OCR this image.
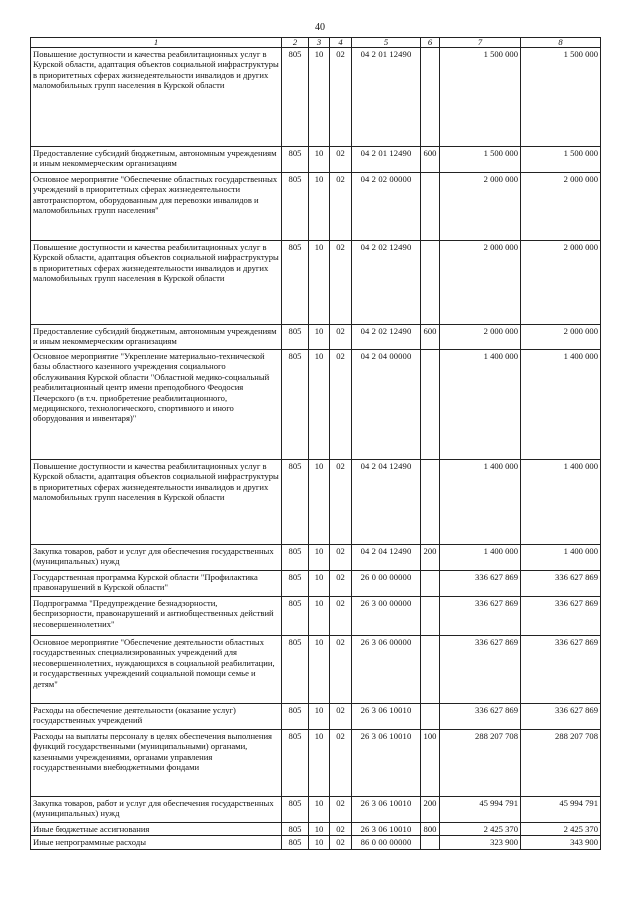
40
1	2	3	4	5	6	7	8
Повышение доступности и качества реабилитационных услуг в Курской области, адаптация объектов социальной инфраструктуры в приоритетных сферах жизнедеятельности инвалидов и других маломобильных групп населения в Курской области	805	10	02	04 2 01 12490		1 500 000	1 500 000
Предоставление субсидий бюджетным, автономным учреждениям и иным некоммерческим организациям	805	10	02	04 2 01 12490	600	1 500 000	1 500 000
Основное мероприятие "Обеспечение областных государственных учреждений в приоритетных сферах жизнедеятельности автотранспортом, оборудованным для перевозки инвалидов и маломобильных групп населения"	805	10	02	04 2 02 00000		2 000 000	2 000 000
Повышение доступности и качества реабилитационных услуг в Курской области, адаптация объектов социальной инфраструктуры в приоритетных сферах жизнедеятельности инвалидов и других маломобильных групп населения в Курской области	805	10	02	04 2 02 12490		2 000 000	2 000 000
Предоставление субсидий бюджетным, автономным учреждениям и иным некоммерческим организациям	805	10	02	04 2 02 12490	600	2 000 000	2 000 000
Основное мероприятие "Укрепление материально-технической базы областного казенного учреждения социального обслуживания Курской области "Областной медико-социальный реабилитационный центр имени преподобного Феодосия Печерского (в т.ч. приобретение реабилитационного, медицинского, технологического, спортивного и иного оборудования и инвентаря)"	805	10	02	04 2 04 00000		1 400 000	1 400 000
Повышение доступности и качества реабилитационных услуг в Курской области, адаптация объектов социальной инфраструктуры в приоритетных сферах жизнедеятельности инвалидов и других маломобильных групп населения в Курской области	805	10	02	04 2 04 12490		1 400 000	1 400 000
Закупка товаров, работ и услуг для обеспечения государственных (муниципальных) нужд	805	10	02	04 2 04 12490	200	1 400 000	1 400 000
Государственная программа Курской области "Профилактика правонарушений в Курской области"	805	10	02	26 0 00 00000		336 627 869	336 627 869
Подпрограмма "Предупреждение безнадзорности, беспризорности, правонарушений и антиобщественных действий несовершеннолетних"	805	10	02	26 3 00 00000		336 627 869	336 627 869
Основное мероприятие "Обеспечение деятельности областных государственных специализированных учреждений для несовершеннолетних, нуждающихся в социальной реабилитации, и государственных учреждений социальной помощи семье и детям"	805	10	02	26 3 06 00000		336 627 869	336 627 869
Расходы на обеспечение деятельности (оказание услуг) государственных учреждений	805	10	02	26 3 06 10010		336 627 869	336 627 869
Расходы на выплаты персоналу в целях обеспечения выполнения функций государственными (муниципальными) органами, казенными учреждениями, органами управления государственными внебюджетными фондами	805	10	02	26 3 06 10010	100	288 207 708	288 207 708
Закупка товаров, работ и услуг для обеспечения государственных (муниципальных) нужд	805	10	02	26 3 06 10010	200	45 994 791	45 994 791
Иные бюджетные ассигнования	805	10	02	26 3 06 10010	800	2 425 370	2 425 370
Иные непрограммные расходы	805	10	02	86 0 00 00000		323 900	343 900
